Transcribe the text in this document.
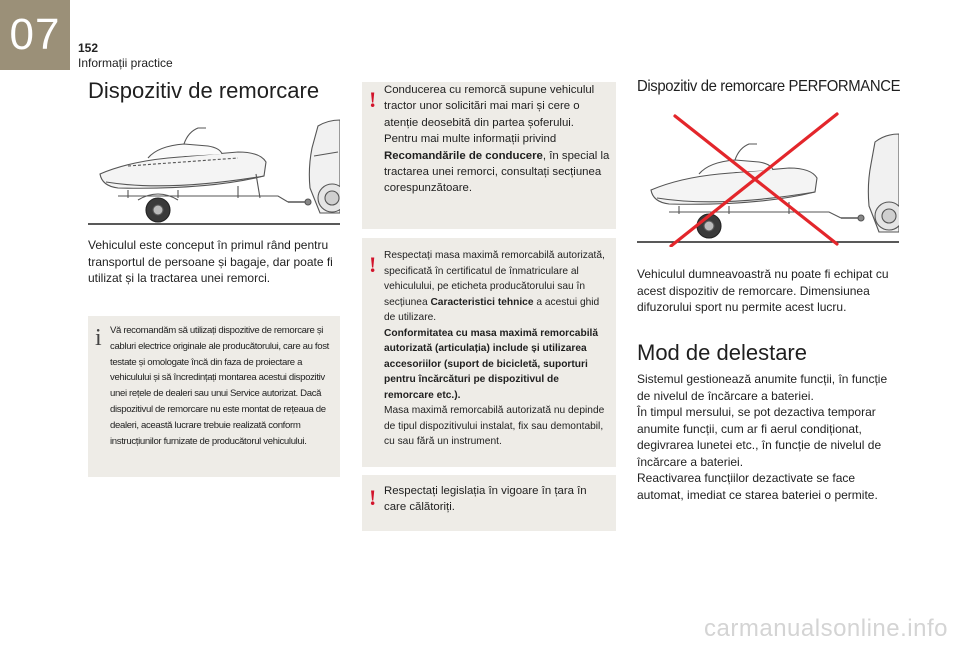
07	152
Informații practice
Dispozitiv de remorcare

Vehiculul este conceput în primul rând pentru transportul de persoane și bagaje, dar poate fi utilizat și la tractarea unei remorci.

i Vă recomandăm să utilizați dispozitive de remorcare și cabluri electrice originale ale producătorului, care au fost testate și omologate încă din faza de proiectare a vehiculului și să încredințați montarea acestui dispozitiv unei rețele de dealeri sau unui Service autorizat. Dacă dispozitivul de remorcare nu este montat de rețeaua de dealeri, această lucrare trebuie realizată conform instrucțiunilor furnizate de producătorul vehiculului.
! Conducerea cu remorcă supune vehiculul tractor unor solicitări mai mari și cere o atenție deosebită din partea șoferului. Pentru mai multe informații privind Recomandările de conducere, în special la tractarea unei remorci, consultați secțiunea corespunzătoare.
! Respectați masa maximă remorcabilă autorizată, specificată în certificatul de înmatriculare al vehiculului, pe eticheta producătorului sau în secțiunea Caracteristici tehnice a acestui ghid de utilizare.
Conformitatea cu masa maximă remorcabilă autorizată (articulația) include și utilizarea accesoriilor (suport de bicicletă, suporturi pentru încărcături pe dispozitivul de remorcare etc.).
Masa maximă remorcabilă autorizată nu depinde de tipul dispozitivului instalat, fix sau demontabil, cu sau fără un instrument.
! Respectați legislația în vigoare în țara în care călătoriți.
Dispozitiv de remorcare PERFORMANCE

Vehiculul dumneavoastră nu poate fi echipat cu acest dispozitiv de remorcare. Dimensiunea difuzorului sport nu permite acest lucru.

Mod de delestare
Sistemul gestionează anumite funcții, în funcție de nivelul de încărcare a bateriei.
În timpul mersului, se pot dezactiva temporar anumite funcții, cum ar fi aerul condiționat, degivrarea lunetei etc., în funcție de nivelul de încărcare a bateriei.
Reactivarea funcțiilor dezactivate se face automat, imediat ce starea bateriei o permite.
carmanualsonline.info
